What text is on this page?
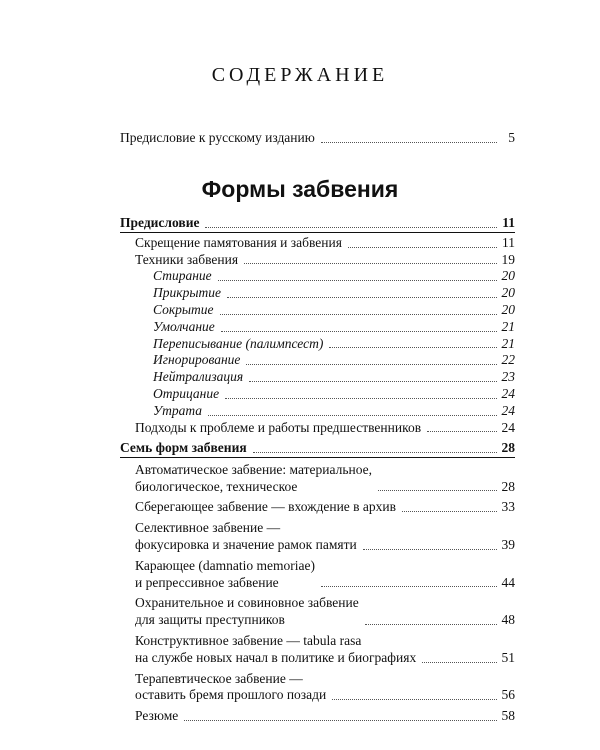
СОДЕРЖАНИЕ
Предисловие к русскому изданию	5
Формы забвения
Предисловие	11
Скрещение памятования и забвения	11
Техники забвения	19
Стирание	20
Прикрытие	20
Сокрытие	20
Умолчание	21
Переписывание (палимпсест)	21
Игнорирование	22
Нейтрализация	23
Отрицание	24
Утрата	24
Подходы к проблеме и работы предшественников	24
Семь форм забвения	28
Автоматическое забвение: материальное,
биологическое, техническое	28
Сберегающее забвение — вхождение в архив	33
Селективное забвение —
фокусировка и значение рамок памяти	39
Карающее (damnatio memoriae)
и репрессивное забвение	44
Охранительное и совиновное забвение
для защиты преступников	48
Конструктивное забвение — tabula rasa
на службе новых начал в политике и биографиях	51
Терапевтическое забвение —
оставить бремя прошлого позади	56
Резюме	58
